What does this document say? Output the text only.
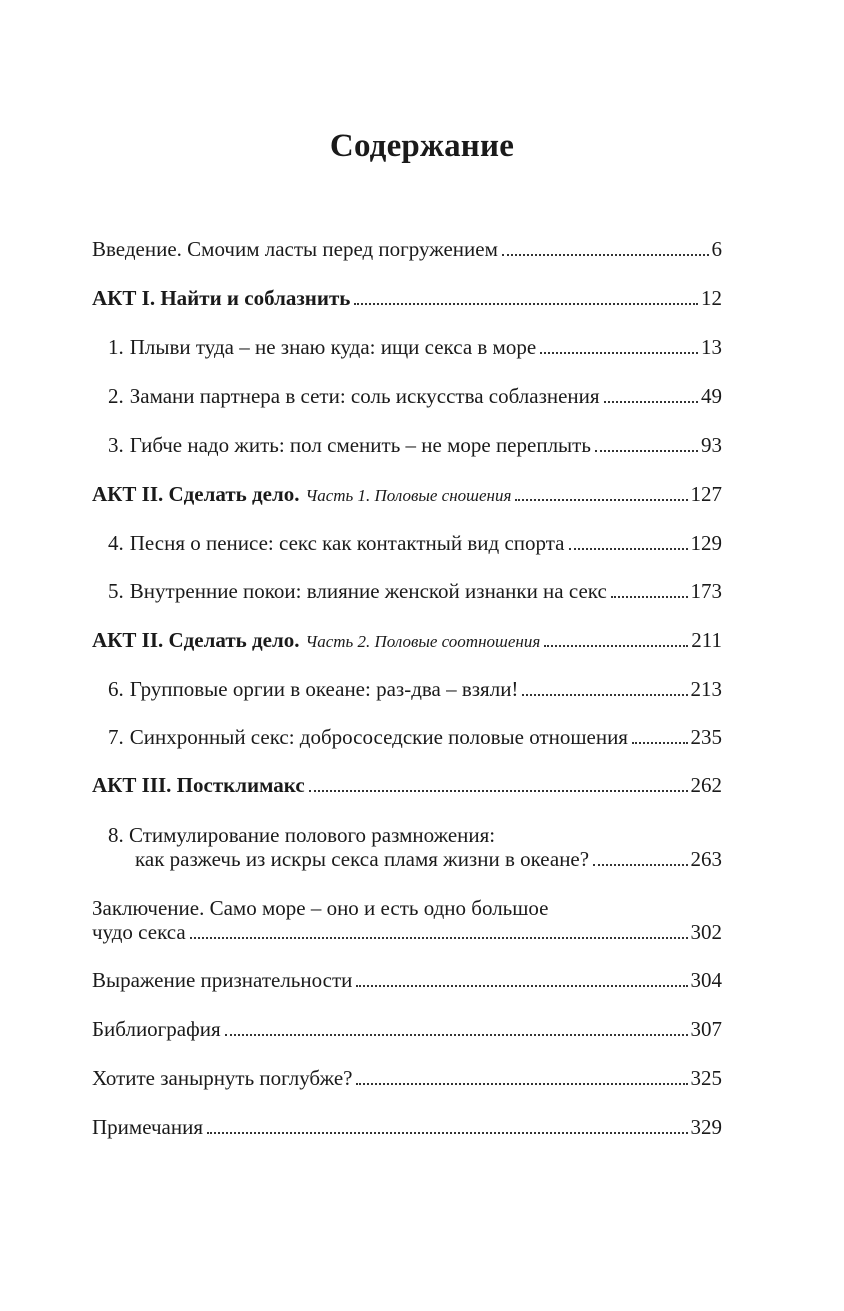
Содержание
Введение. Смочим ласты перед погружением	6
АКТ I. Найти и соблазнить	12
1. Плыви туда – не знаю куда: ищи секса в море	13
2. Замани партнера в сети: соль искусства соблазнения	49
3. Гибче надо жить: пол сменить – не море переплыть	93
АКТ II. Сделать дело. Часть 1. Половые сношения	127
4. Песня о пенисе: секс как контактный вид спорта	129
5. Внутренние покои: влияние женской изнанки на секс	173
АКТ II. Сделать дело. Часть 2. Половые соотношения	211
6. Групповые оргии в океане: раз-два – взяли!	213
7. Синхронный секс: добрососедские половые отношения	235
АКТ III. Постклимакс	262
8. Стимулирование полового размножения:
как разжечь из искры секса пламя жизни в океане?	263
Заключение. Само море – оно и есть одно большое
чудо секса	302
Выражение признательности	304
Библиография	307
Хотите занырнуть поглубже?	325
Примечания	329
